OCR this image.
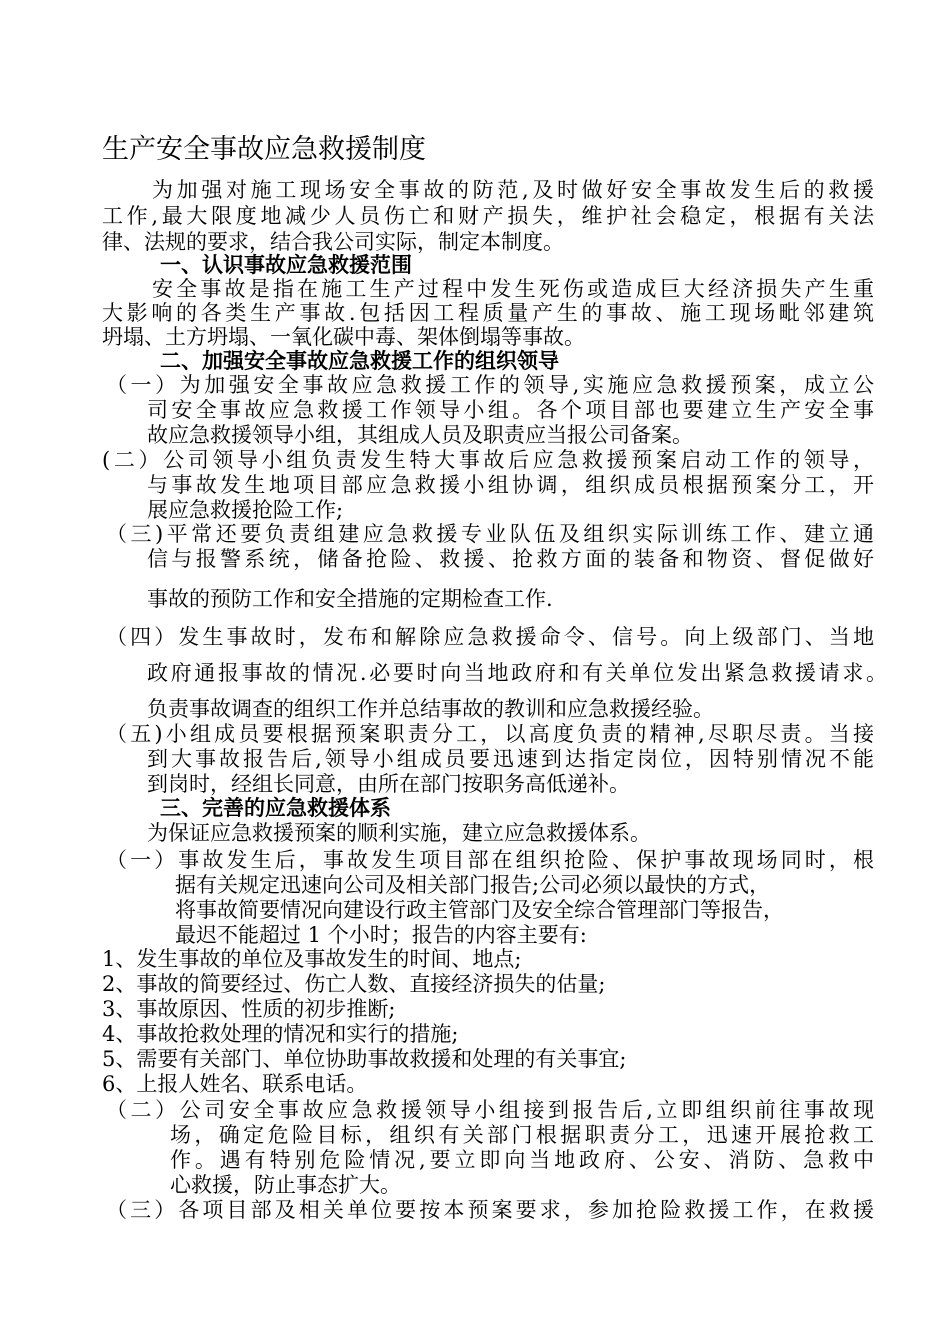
生产安全事故应急救援制度
为加强对施工现场安全事故的防范,及时做好安全事故发生后的救援
工作,最大限度地减少人员伤亡和财产损失，维护社会稳定，根据有关法
律、法规的要求，结合我公司实际，制定本制度。
一、认识事故应急救援范围
安全事故是指在施工生产过程中发生死伤或造成巨大经济损失产生重
大影响的各类生产事故.包括因工程质量产生的事故、施工现场毗邻建筑
坍塌、土方坍塌、一氧化碳中毒、架体倒塌等事故。
二、加强安全事故应急救援工作的组织领导
（一）为加强安全事故应急救援工作的领导,实施应急救援预案，成立公
司安全事故应急救援工作领导小组。各个项目部也要建立生产安全事
故应急救援领导小组，其组成人员及职责应当报公司备案。
(二）公司领导小组负责发生特大事故后应急救援预案启动工作的领导，
与事故发生地项目部应急救援小组协调，组织成员根据预案分工，开
展应急救援抢险工作;
（三)平常还要负责组建应急救援专业队伍及组织实际训练工作、建立通
信与报警系统，储备抢险、救援、抢救方面的装备和物资、督促做好
事故的预防工作和安全措施的定期检查工作.
（四）发生事故时，发布和解除应急救援命令、信号。向上级部门、当地
政府通报事故的情况.必要时向当地政府和有关单位发出紧急救援请求。
负责事故调查的组织工作并总结事故的教训和应急救援经验。
（五)小组成员要根据预案职责分工，以高度负责的精神,尽职尽责。当接
到大事故报告后,领导小组成员要迅速到达指定岗位，因特别情况不能
到岗时，经组长同意，由所在部门按职务高低递补。
三、完善的应急救援体系
为保证应急救援预案的顺利实施，建立应急救援体系。
（一）事故发生后，事故发生项目部在组织抢险、保护事故现场同时，根
据有关规定迅速向公司及相关部门报告;公司必须以最快的方式，
将事故简要情况向建设行政主管部门及安全综合管理部门等报告，
最迟不能超过 1 个小时；报告的内容主要有:
1、发生事故的单位及事故发生的时间、地点;
2、事故的简要经过、伤亡人数、直接经济损失的估量;
3、事故原因、性质的初步推断;
4、事故抢救处理的情况和实行的措施;
5、需要有关部门、单位协助事故救援和处理的有关事宜;
6、上报人姓名、联系电话。
（二）公司安全事故应急救援领导小组接到报告后,立即组织前往事故现
场，确定危险目标，组织有关部门根据职责分工，迅速开展抢救工
作。遇有特别危险情况,要立即向当地政府、公安、消防、急救中
心救援，防止事态扩大。
（三）各项目部及相关单位要按本预案要求，参加抢险救援工作，在救援
